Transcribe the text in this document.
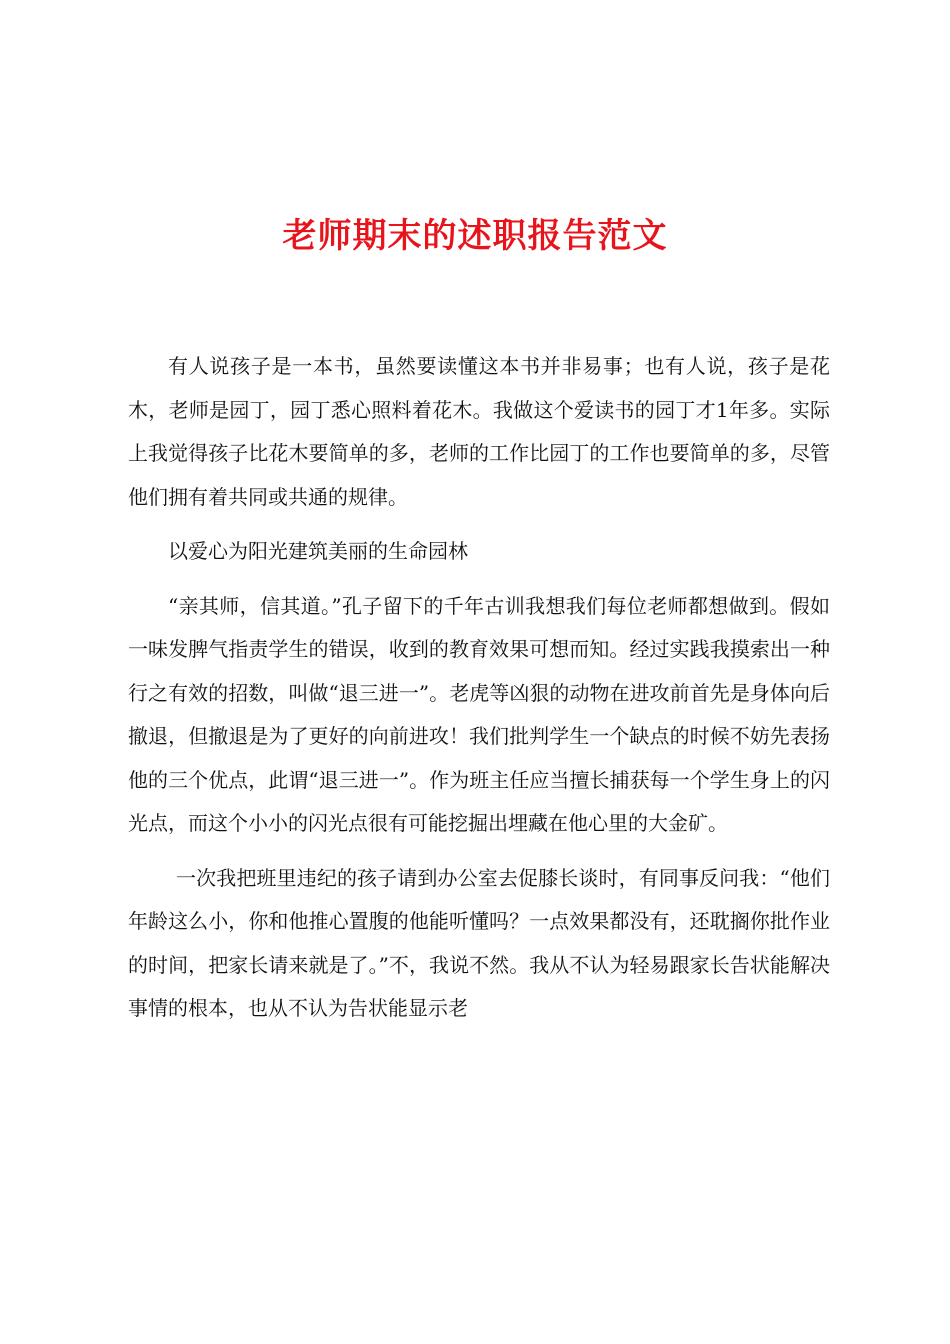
老师期末的述职报告范文

有人说孩子是一本书，虽然要读懂这本书并非易事；也有人说，孩子是花木，老师是园丁，园丁悉心照料着花木。我做这个爱读书的园丁才1年多。实际上我觉得孩子比花木要简单的多，老师的工作比园丁的工作也要简单的多，尽管他们拥有着共同或共通的规律。

以爱心为阳光建筑美丽的生命园林

“亲其师，信其道。”孔子留下的千年古训我想我们每位老师都想做到。假如一味发脾气指责学生的错误，收到的教育效果可想而知。经过实践我摸索出一种行之有效的招数，叫做“退三进一”。老虎等凶狠的动物在进攻前首先是身体向后撤退，但撤退是为了更好的向前进攻！我们批判学生一个缺点的时候不妨先表扬他的三个优点，此谓“退三进一”。作为班主任应当擅长捕获每一个学生身上的闪光点，而这个小小的闪光点很有可能挖掘出埋藏在他心里的大金矿。

一次我把班里违纪的孩子请到办公室去促膝长谈时，有同事反问我：“他们年龄这么小，你和他推心置腹的他能听懂吗？一点效果都没有，还耽搁你批作业的时间，把家长请来就是了。”不，我说不然。我从不认为轻易跟家长告状能解决事情的根本，也从不认为告状能显示老
